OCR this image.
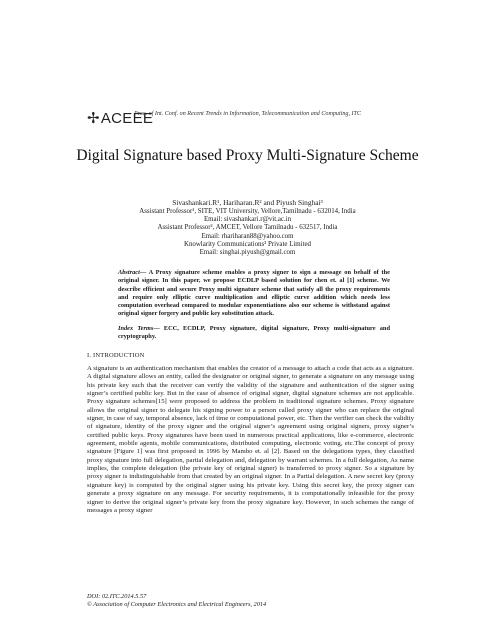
✢ACEEE
Proc. of Int. Conf. on Recent Trends in Information, Telecommunication and Computing, ITC
Digital Signature based Proxy Multi-Signature Scheme
Sivashankari.R¹, Hariharan.R² and Piyush Singhai³
Assistant Professor¹, SITE, VIT University, Vellore,Tamilnadu - 632014, India
Email: sivashankari.r@vit.ac.in
Assistant Professor², AMCET, Vellore Tamilnadu - 632517, India
Email: rhariharan88@yahoo.com
Knowlarity Communications³ Private Limited
Email: singhai.piyush@gmail.com
Abstract— A Proxy signature scheme enables a proxy signer to sign a message on behalf of the original signer. In this paper, we propose ECDLP based solution for chen et. al [1] scheme. We describe efficient and secure Proxy multi signature scheme that satisfy all the proxy requirements and require only elliptic curve multiplication and elliptic curve addition which needs less computation overhead compared to modular exponentiations also our scheme is withstand against original signer forgery and public key substitution attack.
Index Terms— ECC, ECDLP, Proxy signature, digital signature, Proxy multi-signature and cryptography.
I. INTRODUCTION

A signature is an authentication mechanism that enables the creator of a message to attach a code that acts as a signature. A digital signature allows an entity, called the designator or original signer, to generate a signature on any message using his private key such that the receiver can verify the validity of the signature and authentication of the signer using signer’s certified public key. But in the case of absence of original signer, digital signature schemes are not applicable. Proxy signature schemes[15] were proposed to address the problem in traditional signature schemes. Proxy signature allows the original signer to delegate his signing power to a person called proxy signer who can replace the original signer, in case of say, temporal absence, lack of time or computational power, etc. Then the verifier can check the validity of signature, identity of the proxy signer and the original signer’s agreement using original signers, proxy signer’s certified public keys. Proxy signatures have been used in numerous practical applications, like e-commerce, electronic agreement, mobile agents, mobile communications, distributed computing, electronic voting, etc.The concept of proxy signature [Figure 1] was first proposed in 1996 by Mambo et. al [2]. Based on the delegations types, they classified proxy signature into full delegation, partial delegation and, delegation by warrant schemes. In a full delegation, As name implies, the complete delegation (the private key of original signer) is transferred to proxy signer. So a signature by proxy signer is indistinguishable from that created by an original signer. In a Partial delegation. A new secret key (proxy signature key) is computed by the original signer using his private key. Using this secret key, the proxy signer can generate a proxy signature on any message. For security requirements, it is computationally infeasible for the proxy signer to derive the original signer’s private key from the proxy signature key. However, in such schemes the range of messages a proxy signer

DOI: 02.ITC.2014.5.57
© Association of Computer Electronics and Electrical Engineers, 2014
